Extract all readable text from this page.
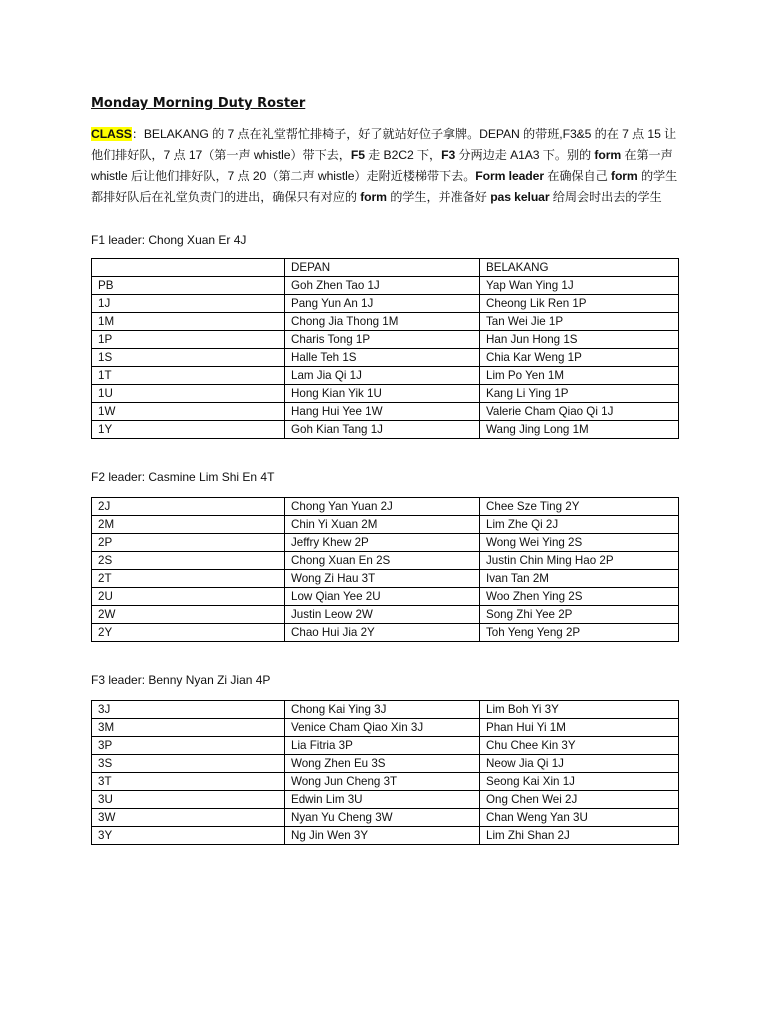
Monday Morning Duty Roster
CLASS：BELAKANG 的 7 点在礼堂帮忙排椅子，好了就站好位子拿牌。DEPAN 的带班,F3&5 的在 7 点 15 让他们排好队，7 点 17（第一声 whistle）带下去，F5 走 B2C2 下，F3 分两边走 A1A3 下。别的 form 在第一声 whistle 后让他们排好队，7 点 20（第二声 whistle）走附近楼梯带下去。Form leader 在确保自己 form 的学生都排好队后在礼堂负责门的进出，确保只有对应的 form 的学生，并准备好 pas keluar 给周会时出去的学生
F1 leader: Chong Xuan Er 4J
	DEPAN	BELAKANG
PB	Goh Zhen Tao 1J	Yap Wan Ying 1J
1J	Pang Yun An 1J	Cheong Lik Ren 1P
1M	Chong Jia Thong 1M	Tan Wei Jie 1P
1P	Charis Tong 1P	Han Jun Hong 1S
1S	Halle Teh 1S	Chia Kar Weng 1P
1T	Lam Jia Qi 1J	Lim Po Yen 1M
1U	Hong Kian Yik 1U	Kang Li Ying 1P
1W	Hang Hui Yee 1W	Valerie Cham Qiao Qi 1J
1Y	Goh Kian Tang 1J	Wang Jing Long 1M
F2 leader: Casmine Lim Shi En 4T
2J	Chong Yan Yuan 2J	Chee Sze Ting 2Y
2M	Chin Yi Xuan 2M	Lim Zhe Qi 2J
2P	Jeffry Khew 2P	Wong Wei Ying 2S
2S	Chong Xuan En 2S	Justin Chin Ming Hao 2P
2T	Wong Zi Hau 3T	Ivan Tan 2M
2U	Low Qian Yee 2U	Woo Zhen Ying 2S
2W	Justin Leow 2W	Song Zhi Yee 2P
2Y	Chao Hui Jia 2Y	Toh Yeng Yeng 2P
F3 leader: Benny Nyan Zi Jian 4P
3J	Chong Kai Ying 3J	Lim Boh Yi 3Y
3M	Venice Cham Qiao Xin 3J	Phan Hui Yi 1M
3P	Lia Fitria 3P	Chu Chee Kin 3Y
3S	Wong Zhen Eu 3S	Neow Jia Qi 1J
3T	Wong Jun Cheng 3T	Seong Kai Xin 1J
3U	Edwin Lim 3U	Ong Chen Wei 2J
3W	Nyan Yu Cheng 3W	Chan Weng Yan 3U
3Y	Ng Jin Wen 3Y	Lim Zhi Shan 2J
